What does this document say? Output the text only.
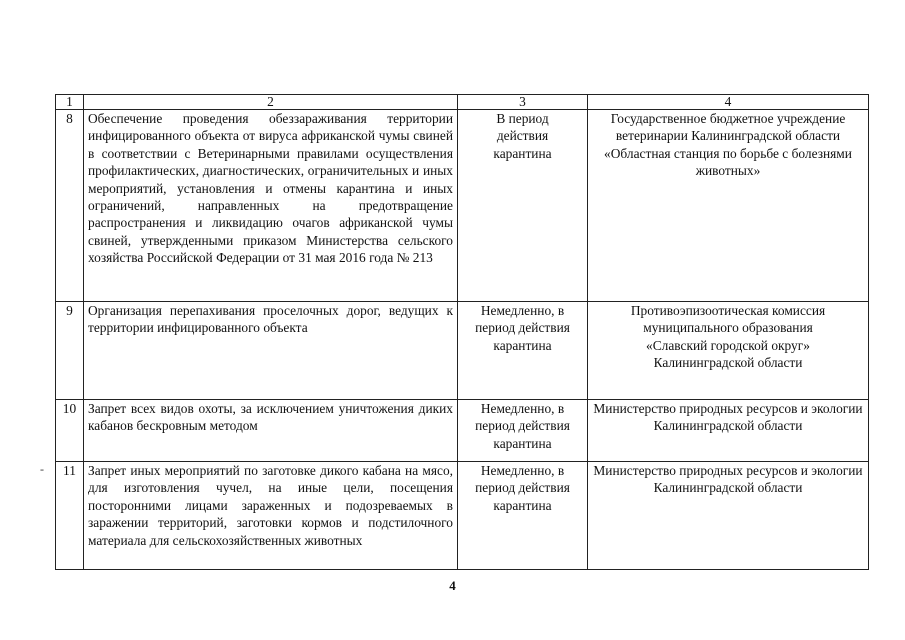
1	2	3	4
8	Обеспечение проведения обеззараживания территории инфицированного объекта от вируса африканской чумы свиней в соответствии с Ветеринарными правилами осуществления профилактических, диагностических, ограничительных и иных мероприятий, установления и отмены карантина и иных ограничений, направленных на предотвращение распространения и ликвидацию очагов африканской чумы свиней, утвержденными приказом Министерства сельского хозяйства Российской Федерации от 31 мая 2016 года № 213	В период действия карантина	Государственное бюджетное учреждение ветеринарии Калининградской области «Областная станция по борьбе с болезнями животных»
9	Организация перепахивания проселочных дорог, ведущих к территории инфицированного объекта	Немедленно, в период действия карантина	Противоэпизоотическая комиссия муниципального образования «Славский городской округ» Калининградской области
10	Запрет всех видов охоты, за исключением уничтожения диких кабанов бескровным методом	Немедленно, в период действия карантина	Министерство природных ресурсов и экологии Калининградской области
11	Запрет иных мероприятий по заготовке дикого кабана на мясо, для изготовления чучел, на иные цели, посещения посторонними лицами зараженных и подозреваемых в заражении территорий, заготовки кормов и подстилочного материала для сельскохозяйственных животных	Немедленно, в период действия карантина	Министерство природных ресурсов и экологии Калининградской области
-
4
